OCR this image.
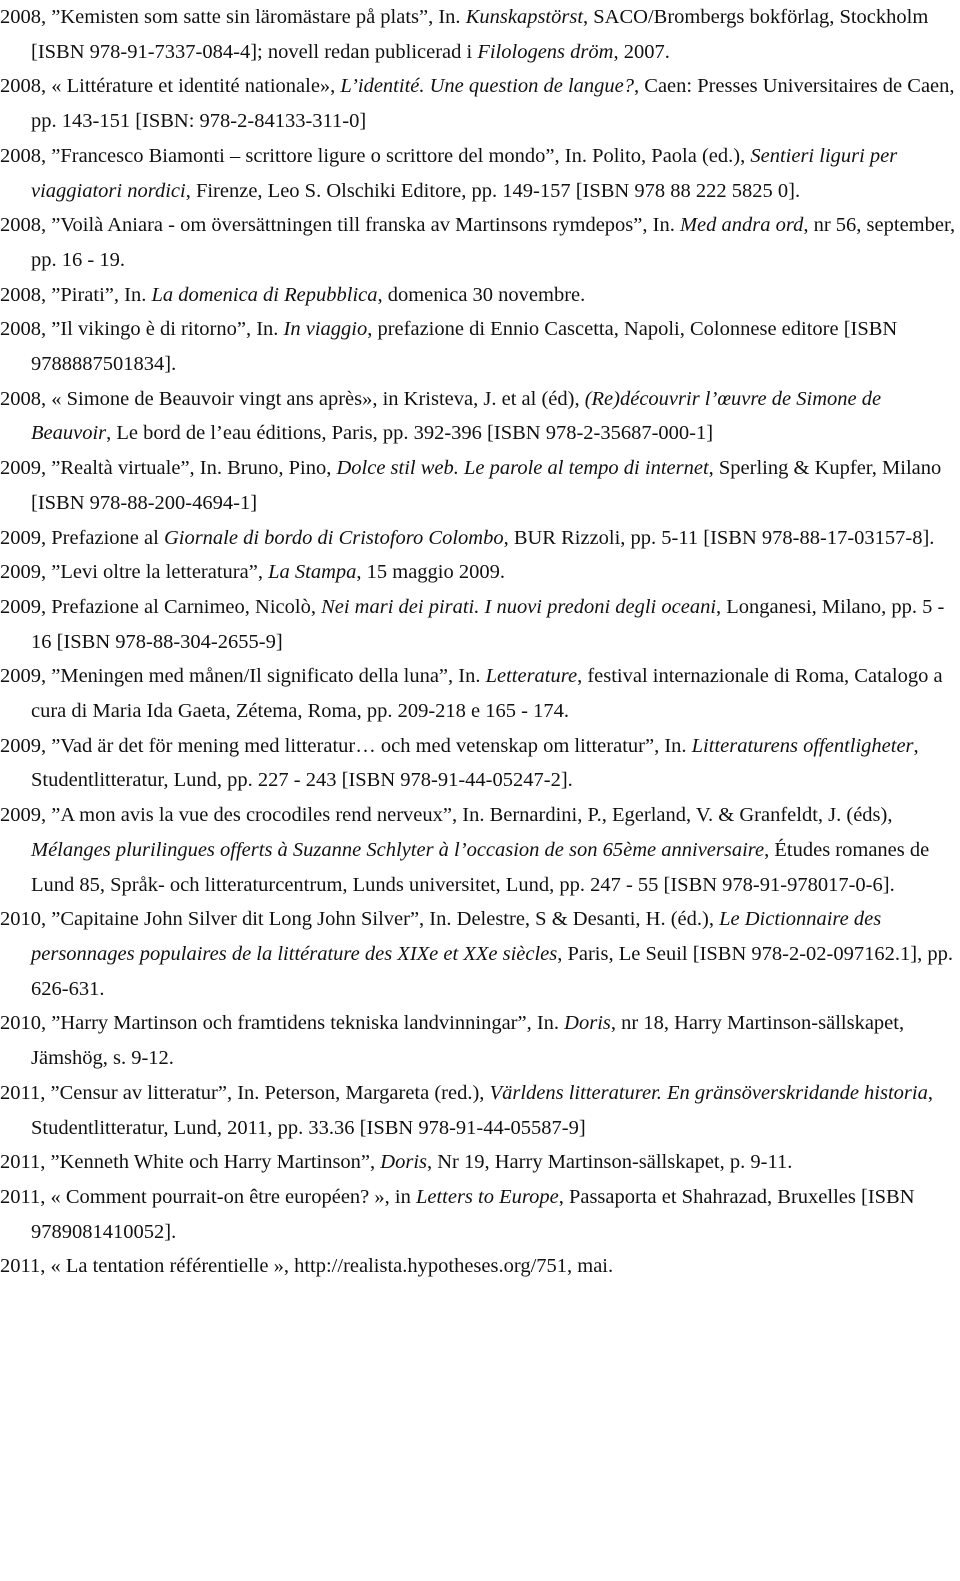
2008, ”Kemisten som satte sin läromästare på plats”, In. Kunskapstörst, SACO/Brombergs bokförlag, Stockholm [ISBN 978-91-7337-084-4]; novell redan publicerad i Filologens dröm, 2007.

2008, « Littérature et identité nationale», L’identité. Une question de langue?, Caen: Presses Universitaires de Caen, pp. 143-151 [ISBN: 978-2-84133-311-0]

2008, ”Francesco Biamonti – scrittore ligure o scrittore del mondo”, In. Polito, Paola (ed.), Sentieri liguri per viaggiatori nordici, Firenze, Leo S. Olschiki Editore, pp. 149-157 [ISBN 978 88 222 5825 0].

2008, ”Voilà Aniara - om översättningen till franska av Martinsons rymdepos”, In. Med andra ord, nr 56, september, pp. 16 - 19.

2008, ”Pirati”, In. La domenica di Repubblica, domenica 30 novembre.

2008, ”Il vikingo è di ritorno”, In. In viaggio, prefazione di Ennio Cascetta, Napoli, Colonnese editore [ISBN 9788887501834].

2008, « Simone de Beauvoir vingt ans après», in Kristeva, J. et al (éd), (Re)découvrir l’œuvre de Simone de Beauvoir, Le bord de l’eau éditions, Paris, pp. 392-396 [ISBN 978-2-35687-000-1]

2009, ”Realtà virtuale”, In. Bruno, Pino, Dolce stil web. Le parole al tempo di internet, Sperling & Kupfer, Milano [ISBN 978-88-200-4694-1]

2009, Prefazione al Giornale di bordo di Cristoforo Colombo, BUR Rizzoli, pp. 5-11 [ISBN 978-88-17-03157-8].

2009, ”Levi oltre la letteratura”, La Stampa, 15 maggio 2009.

2009, Prefazione al Carnimeo, Nicolò, Nei mari dei pirati. I nuovi predoni degli oceani, Longanesi, Milano, pp. 5 - 16 [ISBN 978-88-304-2655-9]

2009, ”Meningen med månen/Il significato della luna”, In. Letterature, festival internazionale di Roma, Catalogo a cura di Maria Ida Gaeta, Zétema, Roma, pp. 209-218 e 165 - 174.

2009, ”Vad är det för mening med litteratur… och med vetenskap om litteratur”, In. Litteraturens offentligheter, Studentlitteratur, Lund, pp. 227 - 243 [ISBN 978-91-44-05247-2].

2009, ”A mon avis la vue des crocodiles rend nerveux”, In. Bernardini, P., Egerland, V. & Granfeldt, J. (éds), Mélanges plurilingues offerts à Suzanne Schlyter à l’occasion de son 65ème anniversaire, Études romanes de Lund 85, Språk- och litteraturcentrum, Lunds universitet, Lund, pp. 247 - 55 [ISBN 978-91-978017-0-6].

2010, ”Capitaine John Silver dit Long John Silver”, In. Delestre, S & Desanti, H. (éd.), Le Dictionnaire des personnages populaires de la littérature des XIXe et XXe siècles, Paris, Le Seuil [ISBN 978-2-02-097162.1], pp. 626-631.

2010, ”Harry Martinson och framtidens tekniska landvinningar”, In. Doris, nr 18, Harry Martinson-sällskapet, Jämshög, s. 9-12.

2011, ”Censur av litteratur”, In. Peterson, Margareta (red.), Världens litteraturer. En gränsöverskridande historia, Studentlitteratur, Lund, 2011, pp. 33.36 [ISBN 978-91-44-05587-9]

2011, ”Kenneth White och Harry Martinson”, Doris, Nr 19, Harry Martinson-sällskapet, p. 9-11.

2011, « Comment pourrait-on être européen? », in Letters to Europe, Passaporta et Shahrazad, Bruxelles [ISBN 9789081410052].

2011, « La tentation référentielle », http://realista.hypotheses.org/751, mai.
